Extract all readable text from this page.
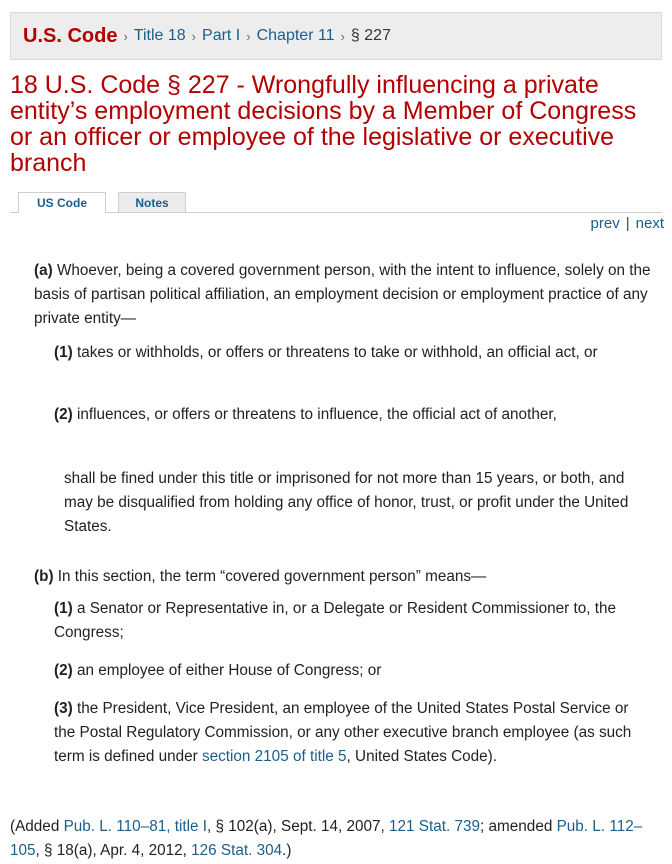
U.S. Code › Title 18 › Part I › Chapter 11 › § 227
18 U.S. Code § 227 - Wrongfully influencing a private entity’s employment decisions by a Member of Congress or an officer or employee of the legislative or executive branch
US Code	Notes
prev | next

(a) Whoever, being a covered government person, with the intent to influence, solely on the basis of partisan political affiliation, an employment decision or employment practice of any private entity—

(1) takes or withholds, or offers or threatens to take or withhold, an official act, or

(2) influences, or offers or threatens to influence, the official act of another,

shall be fined under this title or imprisoned for not more than 15 years, or both, and may be disqualified from holding any office of honor, trust, or profit under the United States.

(b) In this section, the term “covered government person” means—

(1) a Senator or Representative in, or a Delegate or Resident Commissioner to, the Congress;

(2) an employee of either House of Congress; or

(3) the President, Vice President, an employee of the United States Postal Service or the Postal Regulatory Commission, or any other executive branch employee (as such term is defined under section 2105 of title 5, United States Code).

(Added Pub. L. 110–81, title I, § 102(a), Sept. 14, 2007, 121 Stat. 739; amended Pub. L. 112–105, § 18(a), Apr. 4, 2012, 126 Stat. 304.)
